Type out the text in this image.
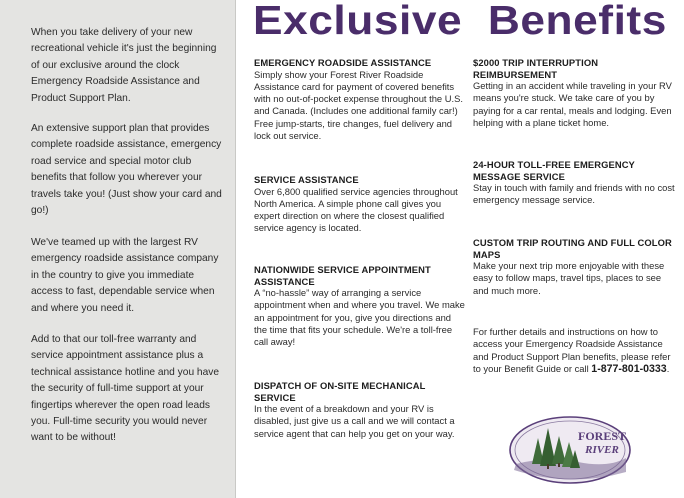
When you take delivery of your new recreational vehicle it's just the beginning of our exclusive around the clock Emergency Roadside Assistance and Product Support Plan.

An extensive support plan that provides complete roadside assistance, emergency road service and special motor club benefits that follow you wherever your travels take you! (Just show your card and go!)

We've teamed up with the largest RV emergency roadside assistance company in the country to give you immediate access to fast, dependable service when and where you need it.

Add to that our toll-free warranty and service appointment assistance plus a technical assistance hotline and you have the security of full-time support at your fingertips wherever the open road leads you. Full-time security you would never want to be without!

Exclusive  Benefits
EMERGENCY ROADSIDE ASSISTANCE

Simply show your Forest River Roadside Assistance card for payment of covered benefits with no out-of-pocket expense throughout the U.S. and Canada. (Includes one additional family car!) Free jump-starts, tire changes, fuel delivery and lock out service.

SERVICE ASSISTANCE

Over 6,800 qualified service agencies throughout North America. A simple phone call gives you expert direction on where the closest qualified service agency is located.

NATIONWIDE SERVICE APPOINTMENT ASSISTANCE

A “no-hassle” way of arranging a service appointment when and where you travel. We make an appointment for you, give you directions and the time that fits your schedule. We're a toll-free call away!

DISPATCH OF ON-SITE MECHANICAL SERVICE

In the event of a breakdown and your RV is disabled, just give us a call and we will contact a service agent that can help you get on your way.

$2000 TRIP INTERRUPTION REIMBURSEMENT

Getting in an accident while traveling in your RV means you're stuck. We take care of you by paying for a car rental, meals and lodging. Even helping with a plane ticket home.

24-HOUR TOLL-FREE EMERGENCY MESSAGE SERVICE

Stay in touch with family and friends with no cost emergency message service.

CUSTOM TRIP ROUTING AND FULL COLOR MAPS

Make your next trip more enjoyable with these easy to follow maps, travel tips, places to see and much more.

For further details and instructions on how to access your Emergency Roadside Assistance and Product Support Plan benefits, please refer to your Benefit Guide or call 1-877-801-0333.

FOREST
RIVER
